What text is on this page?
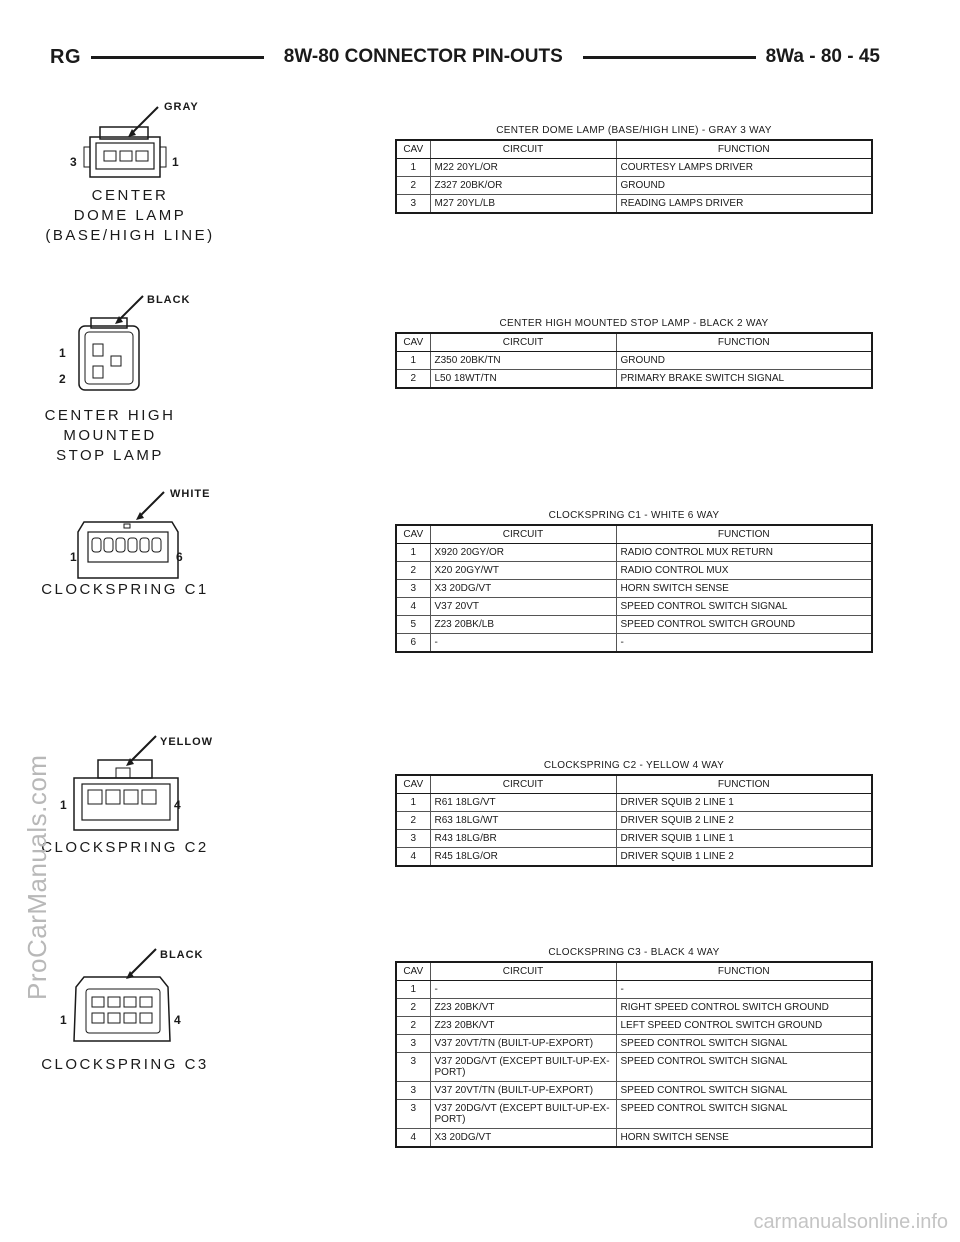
RG	8W-80 CONNECTOR PIN-OUTS	8Wa - 80 - 45
GRAY
3	1
CENTER
DOME LAMP
(BASE/HIGH LINE)
CENTER DOME LAMP (BASE/HIGH LINE) - GRAY 3 WAY
CAV	CIRCUIT	FUNCTION
1	M22 20YL/OR	COURTESY LAMPS DRIVER
2	Z327 20BK/OR	GROUND
3	M27 20YL/LB	READING LAMPS DRIVER
BLACK
1
2
CENTER HIGH
MOUNTED
STOP LAMP
CENTER HIGH MOUNTED STOP LAMP - BLACK 2 WAY
CAV	CIRCUIT	FUNCTION
1	Z350 20BK/TN	GROUND
2	L50 18WT/TN	PRIMARY BRAKE SWITCH SIGNAL
WHITE
1	6
CLOCKSPRING C1
CLOCKSPRING C1 - WHITE 6 WAY
CAV	CIRCUIT	FUNCTION
1	X920 20GY/OR	RADIO CONTROL MUX RETURN
2	X20 20GY/WT	RADIO CONTROL MUX
3	X3 20DG/VT	HORN SWITCH SENSE
4	V37 20VT	SPEED CONTROL SWITCH SIGNAL
5	Z23 20BK/LB	SPEED CONTROL SWITCH GROUND
6	-	-
YELLOW
1	4
CLOCKSPRING C2
CLOCKSPRING C2 - YELLOW 4 WAY
CAV	CIRCUIT	FUNCTION
1	R61 18LG/VT	DRIVER SQUIB 2 LINE 1
2	R63 18LG/WT	DRIVER SQUIB 2 LINE 2
3	R43 18LG/BR	DRIVER SQUIB 1 LINE 1
4	R45 18LG/OR	DRIVER SQUIB 1 LINE 2
BLACK
1	4
CLOCKSPRING C3
CLOCKSPRING C3 - BLACK 4 WAY
CAV	CIRCUIT	FUNCTION
1	-	-
2	Z23 20BK/VT	RIGHT SPEED CONTROL SWITCH GROUND
2	Z23 20BK/VT	LEFT SPEED CONTROL SWITCH GROUND
3	V37 20VT/TN (BUILT-UP-EXPORT)	SPEED CONTROL SWITCH SIGNAL
3	V37 20DG/VT (EXCEPT BUILT-UP-EX-PORT)	SPEED CONTROL SWITCH SIGNAL
3	V37 20VT/TN (BUILT-UP-EXPORT)	SPEED CONTROL SWITCH SIGNAL
3	V37 20DG/VT (EXCEPT BUILT-UP-EX-PORT)	SPEED CONTROL SWITCH SIGNAL
4	X3 20DG/VT	HORN SWITCH SENSE
ProCarManuals.com
carmanualsonline.info
